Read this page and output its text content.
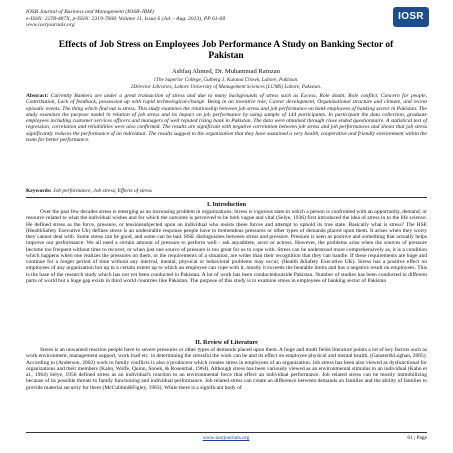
IOSR Journal of Business and Management (IOSR-JBM)
e-ISSN: 2278-487X, p-ISSN: 2319-7668. Volume 11, Issue 6 (Jul. - Aug. 2013), PP 61-68
www.iosrjournals.org
IOSR
Effects of Job Stress on Employees Job Performance A Study on Banking Sector of Pakistan
Ashfaq Ahmed, Dr. Muhammad Ramzan
1The Superior College, Gulberg 3, Kalama Chowk, Lahore, Pakistan.
2Director Libraries, Lahore University of Management Sciences (LUMS) Lahore, Pakistan.
Abstract: Currently Bankers are under a great transaction of stress and due to many backgrounds of stress such as Excess, Role doubt, Role conflict, Concern for people, Contribution, Lack of feedback, possession up with rapid technological-change. Being in an inventive role, Career development, Organizational structure and climate, and recent episodic events. The thing which find out is stress. This study examines the relationship between job stress and job performance on bank employees of banking sector in Pakistan. The study examines the purpose model in relation of job stress and its impact on job performance by using sample of 144 participants. In participant the data collection, graduate employees including customer services officers and managers of well reputed rising bank in Pakistan. The data were obtained through close ended questionnaire. A statistical test of regression, correlation and reliabilities were also confirmed. The results are significant with negative correlation between job stress and job performances and shows that job stress significantly reduces the performance of an individual. The results suggest to the organization that they have sustained a very health, cooperative and friendly environment within the team for better performance.
Keywords: Job performance, Job stress, Effects of stress
I. Introduction
Over the past few decades stress is emerging as an increasing problem in organizations. Stress is vigorous state in which a person is confronted with an opportunity, demand, or resource related to what the individual wishes and for which the outcome is perceived to be both vague and vital (Selye, 1936) first introduced the idea of stress in to the life science. He defined stress as the force, pressure, or tensionsubjected upon an individual who resists these forces and attempt to uphold its true state. Basically what is stress? The HSE (HealthSafety Executive Uk) defines stress is an undesirable response people have to tremendous pressures or other types of demands placed upon them. It arises when they worry they cannot deal with. Some stress can be good, and some can be bad. HSE distinguishes between stress and pressure. Pressure is seen as positive and something that actually helps improve our performance. We all need a certain amount of pressure to perform well - ask anyathlete, actor or actress. However, the problems arise when the sources of pressure become too frequent without time to recover, or when just one source of pressure is too great for us to cope with. Stress can be understood more comprehensively as, it is a condition which happens when one realizes the pressures on them, or the requirements of a situation, are wider than their recognition that they can handle. If these requirements are huge and continue for a longer period of time without any interval, mental, physical or behavioral problems may occur, (Health &Safety Executive UK). Stress has a positive effect on employees of any organization but up to a certain extent up to which an employee can cope with it, mostly it exceeds the bearable limits and has a negative result on employees. This is the base of the research study which has not yet been conducted in Pakistan. A lot of work has been conductedoutside Pakistan. Number of studies has been conducted in different parts of world but a huge gap exists in third world countries like Pakistan. The purpose of this study is to examine stress in employees of banking sector of Pakistan
II. Review of Literature
Stress is an unwanted reaction people have to severe pressures or other types of demands placed upon them. A huge and multi fields literature points a lot of key factors such as work environment, management support, work load etc. in determining the stressful the work can be and its effect on employee physical and mental health, (Ganster&Loghan, 2005). According to (Anderson, 2002) work to family conflicts is also a produceor which creates stress in employees of an organization. Job stress has been also viewed as dysfunctional for organizations and their members (Kahn, Wolfe, Quinn, Snoek, & Rosenthal, 1964). Although stress has been variously viewed as an environmental stimulus to an individual (Kahn et al., 1964) Selye, 1956 defined stress as an individual's reaction to an environmental force that effect an individual performance. Job related stress can be mostly immobilizing because of its possible threats to family functioning and individual performance. Job related stress can create an difference between demands on families and the ability of families to provide material security for them (McCubbin&Figley, 1983). While there is a significant body of
www.iosrjournals.org	61 | Page
